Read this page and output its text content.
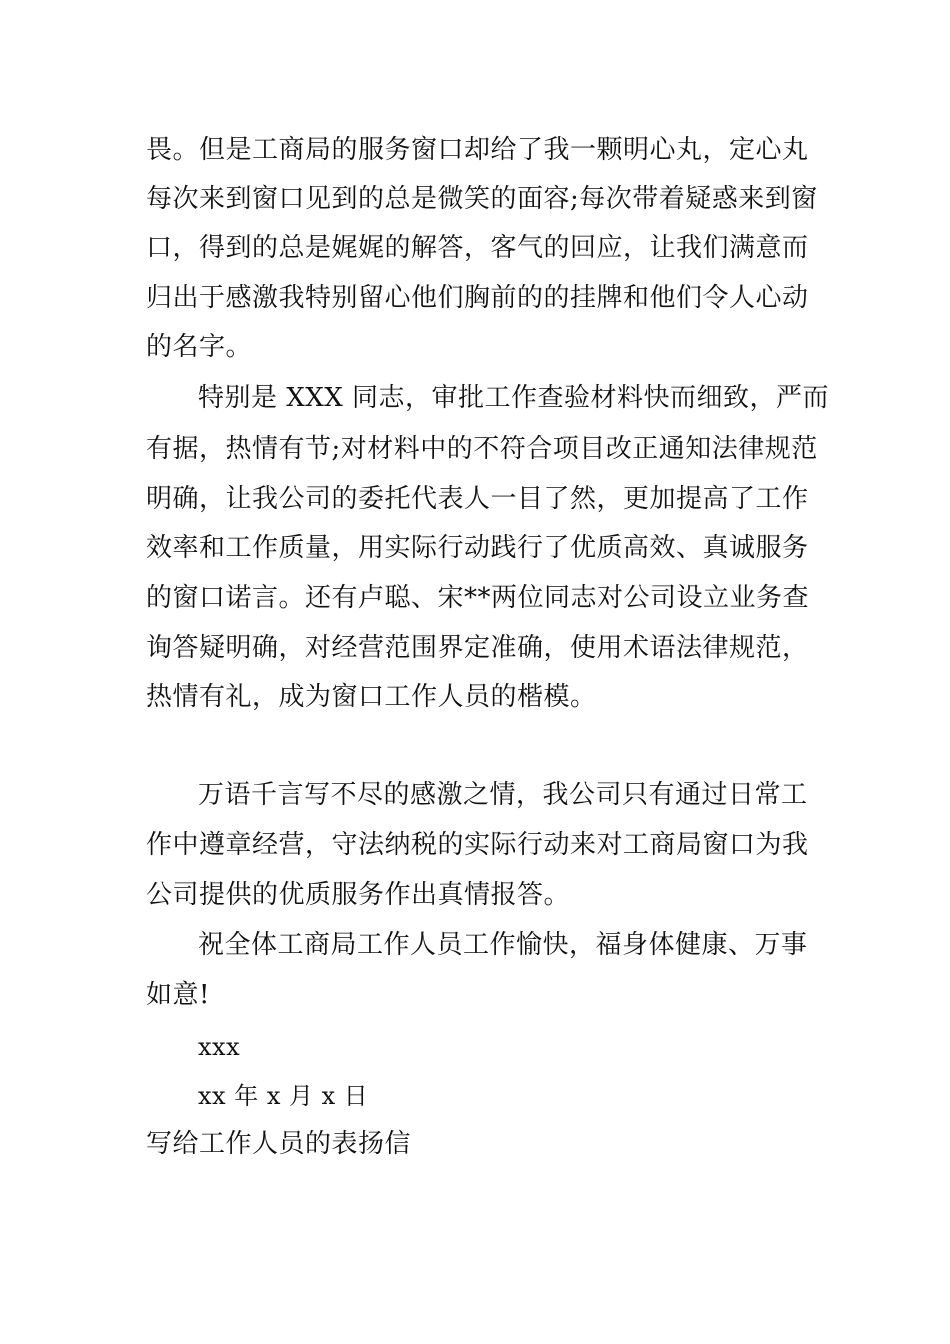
畏。但是工商局的服务窗口却给了我一颗明心丸，定心丸
每次来到窗口见到的总是微笑的面容;每次带着疑惑来到窗
口，得到的总是娓娓的解答，客气的回应，让我们满意而
归出于感激我特别留心他们胸前的的挂牌和他们令人心动
的名字。
特别是 XXX 同志，审批工作查验材料快而细致，严而
有据，热情有节;对材料中的不符合项目改正通知法律规范
明确，让我公司的委托代表人一目了然，更加提高了工作
效率和工作质量，用实际行动践行了优质高效、真诚服务
的窗口诺言。还有卢聪、宋**两位同志对公司设立业务查
询答疑明确，对经营范围界定准确，使用术语法律规范，
热情有礼，成为窗口工作人员的楷模。
万语千言写不尽的感激之情，我公司只有通过日常工
作中遵章经营，守法纳税的实际行动来对工商局窗口为我
公司提供的优质服务作出真情报答。
祝全体工商局工作人员工作愉快，福身体健康、万事
如意!
xxx
xx 年 x 月 x 日
写给工作人员的表扬信
